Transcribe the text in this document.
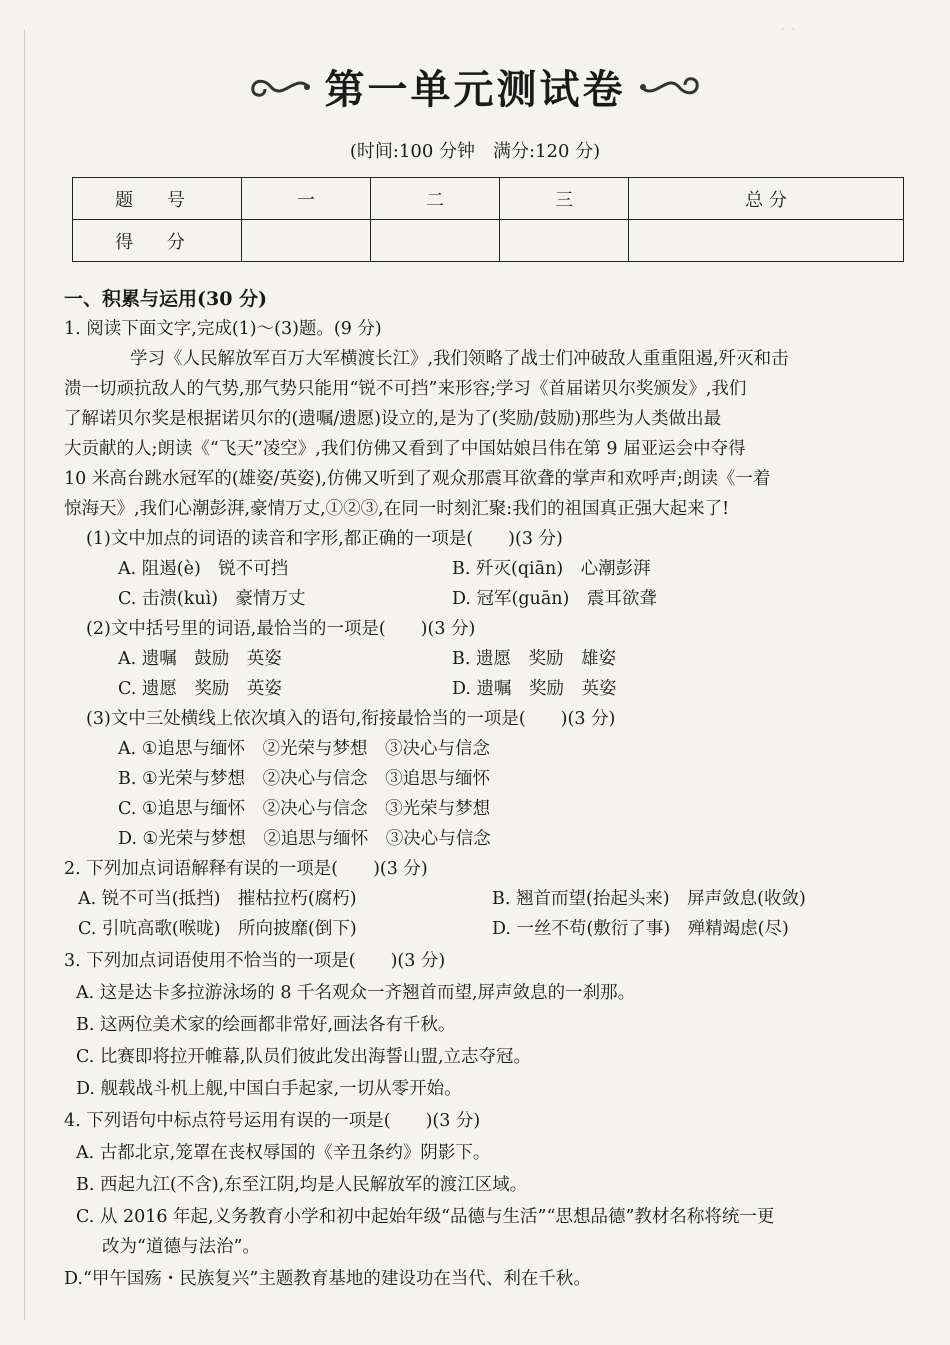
· ·
第一单元测试卷
(时间:100 分钟　满分:120 分)
题 号	一	二	三	总 分
得 分				
一、积累与运用(30 分)
1. 阅读下面文字,完成(1)～(3)题。(9 分)
学习《人民解放军百万大军横渡长江》,我们领略了战士们冲破敌人重重阻遏,歼灭和击
溃一切顽抗敌人的气势,那气势只能用“锐不可挡”来形容;学习《首届诺贝尔奖颁发》,我们
了解诺贝尔奖是根据诺贝尔的(遗嘱/遗愿)设立的,是为了(奖励/鼓励)那些为人类做出最
大贡献的人;朗读《“飞天”凌空》,我们仿佛又看到了中国姑娘吕伟在第 9 届亚运会中夺得
10 米高台跳水冠军的(雄姿/英姿),仿佛又听到了观众那震耳欲聋的掌声和欢呼声;朗读《一着
惊海天》,我们心潮彭湃,豪情万丈,①②③,在同一时刻汇聚:我们的祖国真正强大起来了!
(1)文中加点的词语的读音和字形,都正确的一项是(　　)(3 分)
A. 阻遏(è)　锐不可挡	B. 歼灭(qiān)　心潮彭湃
C. 击溃(kuì)　豪情万丈	D. 冠军(guān)　震耳欲聋
(2)文中括号里的词语,最恰当的一项是(　　)(3 分)
A. 遗嘱　鼓励　英姿	B. 遗愿　奖励　雄姿
C. 遗愿　奖励　英姿	D. 遗嘱　奖励　英姿
(3)文中三处横线上依次填入的语句,衔接最恰当的一项是(　　)(3 分)
A. ①追思与缅怀　②光荣与梦想　③决心与信念
B. ①光荣与梦想　②决心与信念　③追思与缅怀
C. ①追思与缅怀　②决心与信念　③光荣与梦想
D. ①光荣与梦想　②追思与缅怀　③决心与信念
2. 下列加点词语解释有误的一项是(　　)(3 分)
A. 锐不可当(抵挡)　摧枯拉朽(腐朽)	B. 翘首而望(抬起头来)　屏声敛息(收敛)
C. 引吭高歌(喉咙)　所向披靡(倒下)	D. 一丝不苟(敷衍了事)　殚精竭虑(尽)
3. 下列加点词语使用不恰当的一项是(　　)(3 分)
A. 这是达卡多拉游泳场的 8 千名观众一齐翘首而望,屏声敛息的一刹那。
B. 这两位美术家的绘画都非常好,画法各有千秋。
C. 比赛即将拉开帷幕,队员们彼此发出海誓山盟,立志夺冠。
D. 舰载战斗机上舰,中国白手起家,一切从零开始。
4. 下列语句中标点符号运用有误的一项是(　　)(3 分)
A. 古都北京,笼罩在丧权辱国的《辛丑条约》阴影下。
B. 西起九江(不含),东至江阴,均是人民解放军的渡江区域。
C. 从 2016 年起,义务教育小学和初中起始年级“品德与生活”“思想品德”教材名称将统一更
改为“道德与法治”。
D.“甲午国殇・民族复兴”主题教育基地的建设功在当代、利在千秋。
